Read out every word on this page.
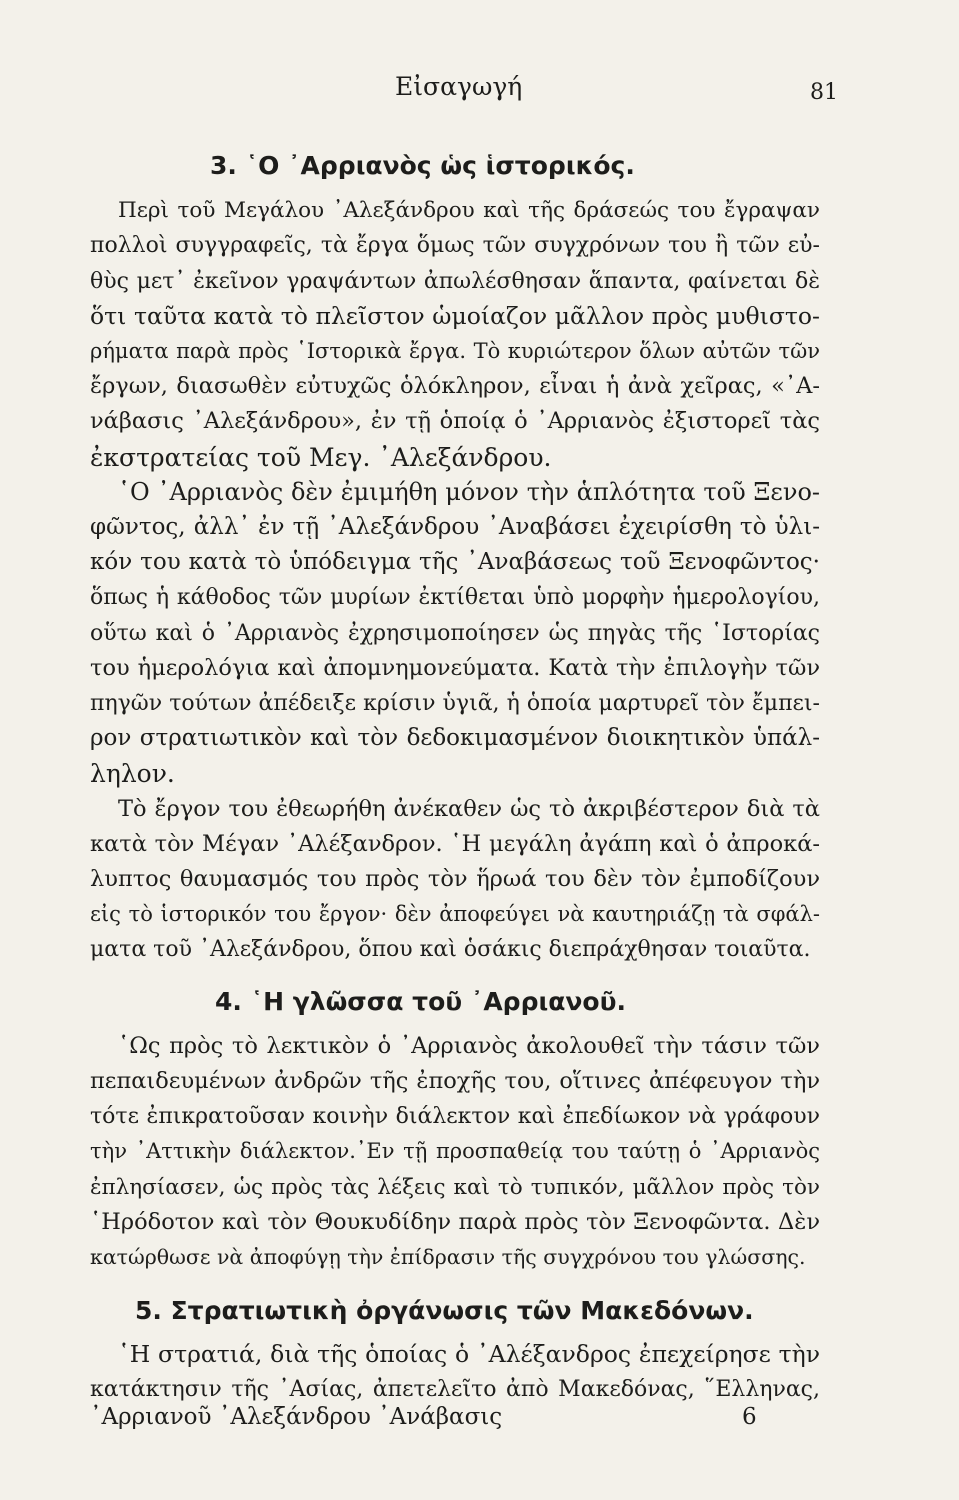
Εἰσαγωγή	81
3. ῾Ο ᾿Αρριανὸς ὡς ἱστορικός.

Περὶ τοῦ Μεγάλου ᾿Αλεξάνδρου καὶ τῆς δράσεώς του ἔγραψαν
πολλοὶ συγγραφεῖς, τὰ ἔργα ὅμως τῶν συγχρόνων του ἢ τῶν εὐ-
θὺς μετ᾿ ἐκεῖνον γραψάντων ἀπωλέσθησαν ἅπαντα, φαίνεται δὲ
ὅτι ταῦτα κατὰ τὸ πλεῖστον ὡμοίαζον μᾶλλον πρὸς μυθιστο-
ρήματα παρὰ πρὸς ῾Ιστορικὰ ἔργα. Τὸ κυριώτερον ὅλων αὐτῶν τῶν
ἔργων, διασωθὲν εὐτυχῶς ὁλόκληρον, εἶναι ἡ ἀνὰ χεῖρας, «᾿Α-
νάβασις ᾿Αλεξάνδρου», ἐν τῇ ὁποίᾳ ὁ ᾿Αρριανὸς ἐξιστορεῖ τὰς
ἐκστρατείας τοῦ Μεγ. ᾿Αλεξάνδρου.

῾Ο ᾿Αρριανὸς δὲν ἐμιμήθη μόνον τὴν ἁπλότητα τοῦ Ξενο-
φῶντος, ἀλλ᾿ ἐν τῇ ᾿Αλεξάνδρου ᾿Αναβάσει ἐχειρίσθη τὸ ὑλι-
κόν του κατὰ τὸ ὑπόδειγμα τῆς ᾿Αναβάσεως τοῦ Ξενοφῶντος·
ὅπως ἡ κάθοδος τῶν μυρίων ἐκτίθεται ὑπὸ μορφὴν ἡμερολογίου,
οὕτω καὶ ὁ ᾿Αρριανὸς ἐχρησιμοποίησεν ὡς πηγὰς τῆς ῾Ιστορίας
του ἡμερολόγια καὶ ἀπομνημονεύματα. Κατὰ τὴν ἐπιλογὴν τῶν
πηγῶν τούτων ἀπέδειξε κρίσιν ὑγιᾶ, ἡ ὁποία μαρτυρεῖ τὸν ἔμπει-
ρον στρατιωτικὸν καὶ τὸν δεδοκιμασμένον διοικητικὸν ὑπάλ-
ληλον.

Τὸ ἔργον του ἐθεωρήθη ἀνέκαθεν ὡς τὸ ἀκριβέστερον διὰ τὰ
κατὰ τὸν Μέγαν ᾿Αλέξανδρον. ῾Η μεγάλη ἀγάπη καὶ ὁ ἀπροκά-
λυπτος θαυμασμός του πρὸς τὸν ἥρωά του δὲν τὸν ἐμποδίζουν
εἰς τὸ ἱστορικόν του ἔργον· δὲν ἀποφεύγει νὰ καυτηριάζῃ τὰ σφάλ-
ματα τοῦ ᾿Αλεξάνδρου, ὅπου καὶ ὁσάκις διεπράχθησαν τοιαῦτα.

4. ῾Η γλῶσσα τοῦ ᾿Αρριανοῦ.

῾Ως πρὸς τὸ λεκτικὸν ὁ ᾿Αρριανὸς ἀκολουθεῖ τὴν τάσιν τῶν
πεπαιδευμένων ἀνδρῶν τῆς ἐποχῆς του, οἵτινες ἀπέφευγον τὴν
τότε ἐπικρατοῦσαν κοινὴν διάλεκτον καὶ ἐπεδίωκον νὰ γράφουν
τὴν ᾿Αττικὴν διάλεκτον.᾿Εν τῇ προσπαθείᾳ του ταύτῃ ὁ ᾿Αρριανὸς
ἐπλησίασεν, ὡς πρὸς τὰς λέξεις καὶ τὸ τυπικόν, μᾶλλον πρὸς τὸν
῾Ηρόδοτον καὶ τὸν Θουκυδίδην παρὰ πρὸς τὸν Ξενοφῶντα. Δὲν
κατώρθωσε νὰ ἀποφύγῃ τὴν ἐπίδρασιν τῆς συγχρόνου του γλώσσης.

5. Στρατιωτικὴ ὀργάνωσις τῶν Μακεδόνων.

῾Η στρατιά, διὰ τῆς ὁποίας ὁ ᾿Αλέξανδρος ἐπεχείρησε τὴν
κατάκτησιν τῆς ᾿Ασίας, ἀπετελεῖτο ἀπὸ Μακεδόνας, ῞Ελληνας,

᾿Αρριανοῦ ᾿Αλεξάνδρου ᾿Ανάβασις	6
